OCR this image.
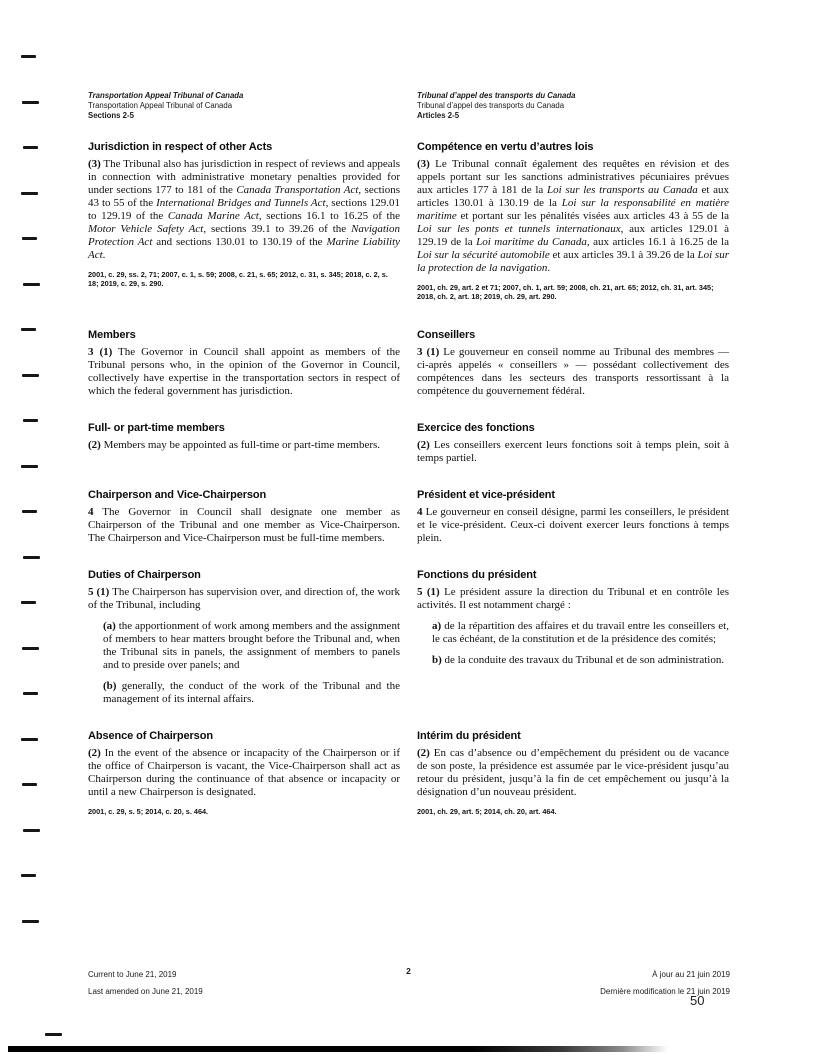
Transportation Appeal Tribunal of Canada
Transportation Appeal Tribunal of Canada
Sections 2-5
Tribunal d’appel des transports du Canada
Tribunal d’appel des transports du Canada
Articles 2-5
Jurisdiction in respect of other Acts

(3) The Tribunal also has jurisdiction in respect of reviews and appeals in connection with administrative monetary penalties provided for under sections 177 to 181 of the Canada Transportation Act, sections 43 to 55 of the International Bridges and Tunnels Act, sections 129.01 to 129.19 of the Canada Marine Act, sections 16.1 to 16.25 of the Motor Vehicle Safety Act, sections 39.1 to 39.26 of the Navigation Protection Act and sections 130.01 to 130.19 of the Marine Liability Act.

2001, c. 29, ss. 2, 71; 2007, c. 1, s. 59; 2008, c. 21, s. 65; 2012, c. 31, s. 345; 2018, c. 2, s. 18; 2019, c. 29, s. 290.
Compétence en vertu d’autres lois

(3) Le Tribunal connaît également des requêtes en révision et des appels portant sur les sanctions administratives pécuniaires prévues aux articles 177 à 181 de la Loi sur les transports au Canada et aux articles 130.01 à 130.19 de la Loi sur la responsabilité en matière maritime et portant sur les pénalités visées aux articles 43 à 55 de la Loi sur les ponts et tunnels internationaux, aux articles 129.01 à 129.19 de la Loi maritime du Canada, aux articles 16.1 à 16.25 de la Loi sur la sécurité automobile et aux articles 39.1 à 39.26 de la Loi sur la protection de la navigation.

2001, ch. 29, art. 2 et 71; 2007, ch. 1, art. 59; 2008, ch. 21, art. 65; 2012, ch. 31, art. 345; 2018, ch. 2, art. 18; 2019, ch. 29, art. 290.
Members

3 (1) The Governor in Council shall appoint as members of the Tribunal persons who, in the opinion of the Governor in Council, collectively have expertise in the transportation sectors in respect of which the federal government has jurisdiction.

Conseillers

3 (1) Le gouverneur en conseil nomme au Tribunal des membres — ci-après appelés « conseillers » — possédant collectivement des compétences dans les secteurs des transports ressortissant à la compétence du gouvernement fédéral.

Full- or part-time members

(2) Members may be appointed as full-time or part-time members.

Exercice des fonctions

(2) Les conseillers exercent leurs fonctions soit à temps plein, soit à temps partiel.

Chairperson and Vice-Chairperson

4 The Governor in Council shall designate one member as Chairperson of the Tribunal and one member as Vice-Chairperson. The Chairperson and Vice-Chairperson must be full-time members.

Président et vice-président

4 Le gouverneur en conseil désigne, parmi les conseillers, le président et le vice-président. Ceux-ci doivent exercer leurs fonctions à temps plein.

Duties of Chairperson

5 (1) The Chairperson has supervision over, and direction of, the work of the Tribunal, including

(a) the apportionment of work among members and the assignment of members to hear matters brought before the Tribunal and, when the Tribunal sits in panels, the assignment of members to panels and to preside over panels; and

(b) generally, the conduct of the work of the Tribunal and the management of its internal affairs.

Fonctions du président

5 (1) Le président assure la direction du Tribunal et en contrôle les activités. Il est notamment chargé :

a) de la répartition des affaires et du travail entre les conseillers et, le cas échéant, de la constitution et de la présidence des comités;

b) de la conduite des travaux du Tribunal et de son administration.

Absence of Chairperson

(2) In the event of the absence or incapacity of the Chairperson or if the office of Chairperson is vacant, the Vice-Chairperson shall act as Chairperson during the continuance of that absence or incapacity or until a new Chairperson is designated.

2001, c. 29, s. 5; 2014, c. 20, s. 464.
Intérim du président

(2) En cas d’absence ou d’empêchement du président ou de vacance de son poste, la présidence est assumée par le vice-président jusqu’au retour du président, jusqu’à la fin de cet empêchement ou jusqu’à la désignation d’un nouveau président.

2001, ch. 29, art. 5; 2014, ch. 20, art. 464.
Current to June 21, 2019
Last amended on June 21, 2019
2	À jour au 21 juin 2019
Dernière modification le 21 juin 2019
50
